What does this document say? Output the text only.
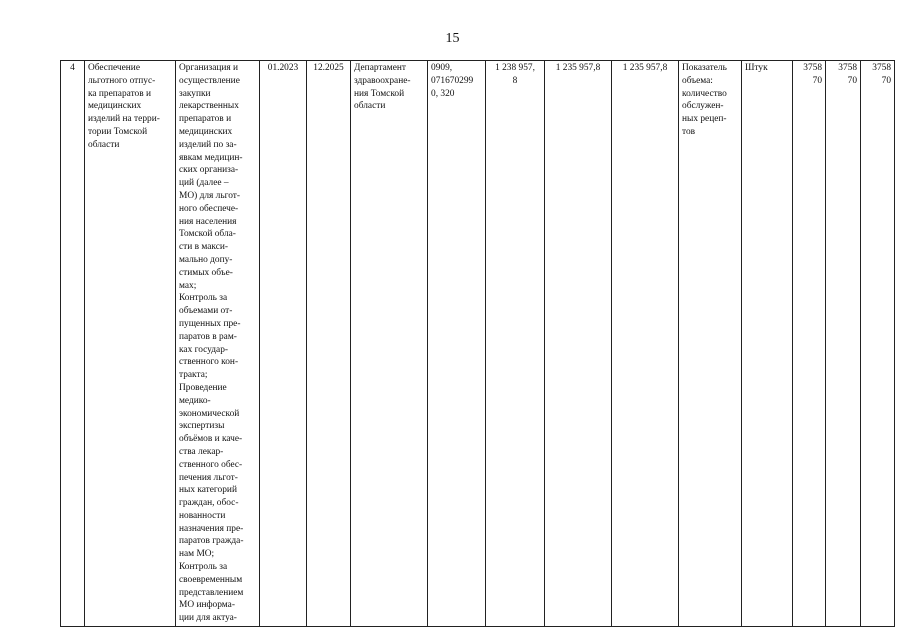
15
4	Обеспечение
льготного отпус-
ка препаратов и
медицинских
изделий на терри-
тории Томской
области	Организация и
осуществление
закупки
лекарственных
препаратов и
медицинских
изделий по за-
явкам медицин-
ских организа-
ций (далее –
МО) для льгот-
ного обеспече-
ния населения
Томской обла-
сти в макси-
мально допу-
стимых объе-
мах;
Контроль за
объемами от-
пущенных пре-
паратов в рам-
ках государ-
ственного кон-
тракта;
Проведение
медико-
экономической
экспертизы
объёмов и каче-
ства лекар-
ственного обес-
печения льгот-
ных категорий
граждан, обос-
нованности
назначения пре-
паратов гражда-
нам МО;
Контроль за
своевременным
представлением
МО информа-
ции для актуа-	01.2023	12.2025	Департамент
здравоохране-
ния Томской
области	0909,
071670299
0, 320	1 238 957,
8	1 235 957,8	1 235 957,8	Показатель
объема:
количество
обслужен-
ных рецеп-
тов	Штук	3758
70	3758
70	3758
70
